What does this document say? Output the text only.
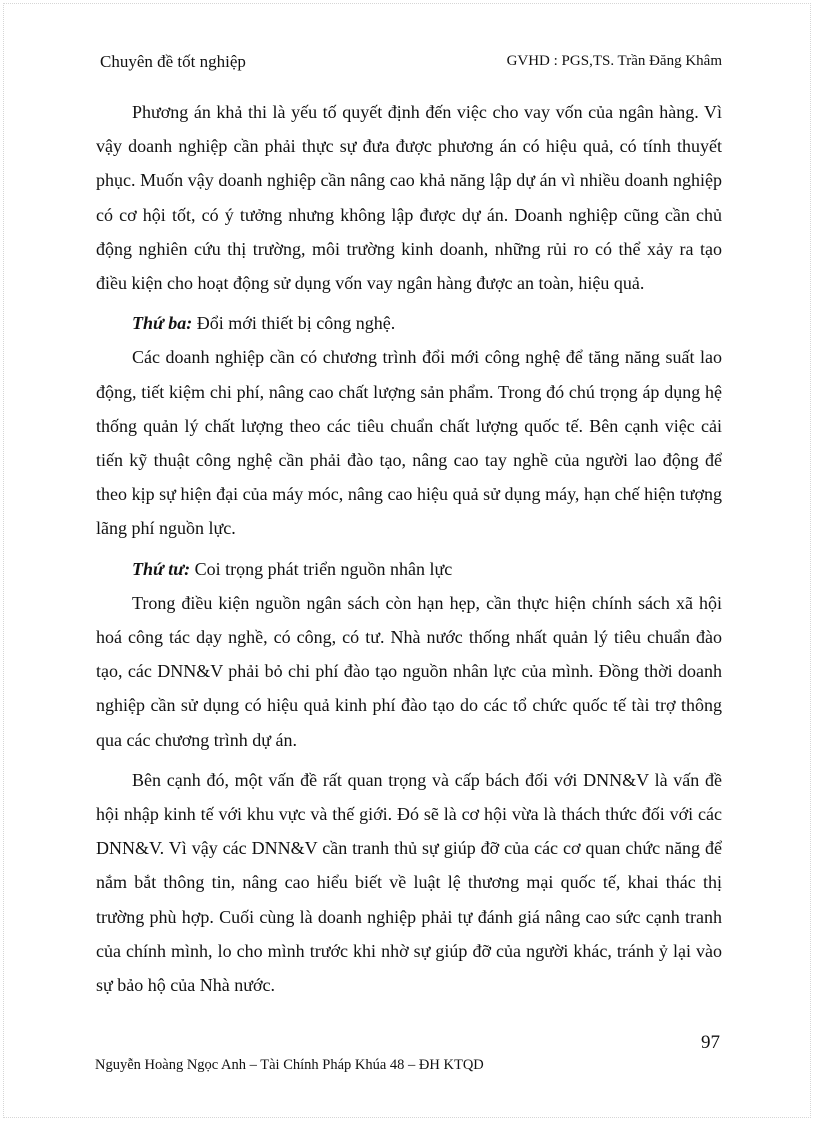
Chuyên đề tốt nghiệp	GVHD : PGS,TS. Trần Đăng Khâm

Phương án khả thi là yếu tố quyết định đến việc cho vay vốn của ngân hàng. Vì vậy doanh nghiệp cần phải thực sự đưa được phương án có hiệu quả, có tính thuyết phục. Muốn vậy doanh nghiệp cần nâng cao khả năng lập dự án vì nhiều doanh nghiệp có cơ hội tốt, có ý tưởng nhưng không lập được dự án. Doanh nghiệp cũng cần chủ động nghiên cứu thị trường, môi trường kinh doanh, những rủi ro có thể xảy ra tạo điều kiện cho hoạt động sử dụng vốn vay ngân hàng được an toàn, hiệu quả.

Thứ ba: Đổi mới thiết bị công nghệ.

Các doanh nghiệp cần có chương trình đổi mới công nghệ để tăng năng suất lao động, tiết kiệm chi phí, nâng cao chất lượng sản phẩm. Trong đó chú trọng áp dụng hệ thống quản lý chất lượng theo các tiêu chuẩn chất lượng quốc tế. Bên cạnh việc cải tiến kỹ thuật công nghệ cần phải đào tạo, nâng cao tay nghề của người lao động để theo kịp sự hiện đại của máy móc, nâng cao hiệu quả sử dụng máy, hạn chế hiện tượng lãng phí nguồn lực.

Thứ tư: Coi trọng phát triển nguồn nhân lực

Trong điều kiện nguồn ngân sách còn hạn hẹp, cần thực hiện chính sách xã hội hoá công tác dạy nghề, có công, có tư. Nhà nước thống nhất quản lý tiêu chuẩn đào tạo, các DNN&V phải bỏ chi phí đào tạo nguồn nhân lực của mình. Đồng thời doanh nghiệp cần sử dụng có hiệu quả kinh phí đào tạo do các tổ chức quốc tế tài trợ thông qua các chương trình dự án.

Bên cạnh đó, một vấn đề rất quan trọng và cấp bách đối với DNN&V là vấn đề hội nhập kinh tế với khu vực và thế giới. Đó sẽ là cơ hội vừa là thách thức đối với các DNN&V. Vì vậy các DNN&V cần tranh thủ sự giúp đỡ của các cơ quan chức năng để nắm bắt thông tin, nâng cao hiểu biết về luật lệ thương mại quốc tế, khai thác thị trường phù hợp. Cuối cùng là doanh nghiệp phải tự đánh giá nâng cao sức cạnh tranh của chính mình, lo cho mình trước khi nhờ sự giúp đỡ của người khác, tránh ỷ lại vào sự bảo hộ của Nhà nước.

97
Nguyễn Hoàng Ngọc Anh – Tài Chính Pháp Khúa 48 – ĐH KTQD
